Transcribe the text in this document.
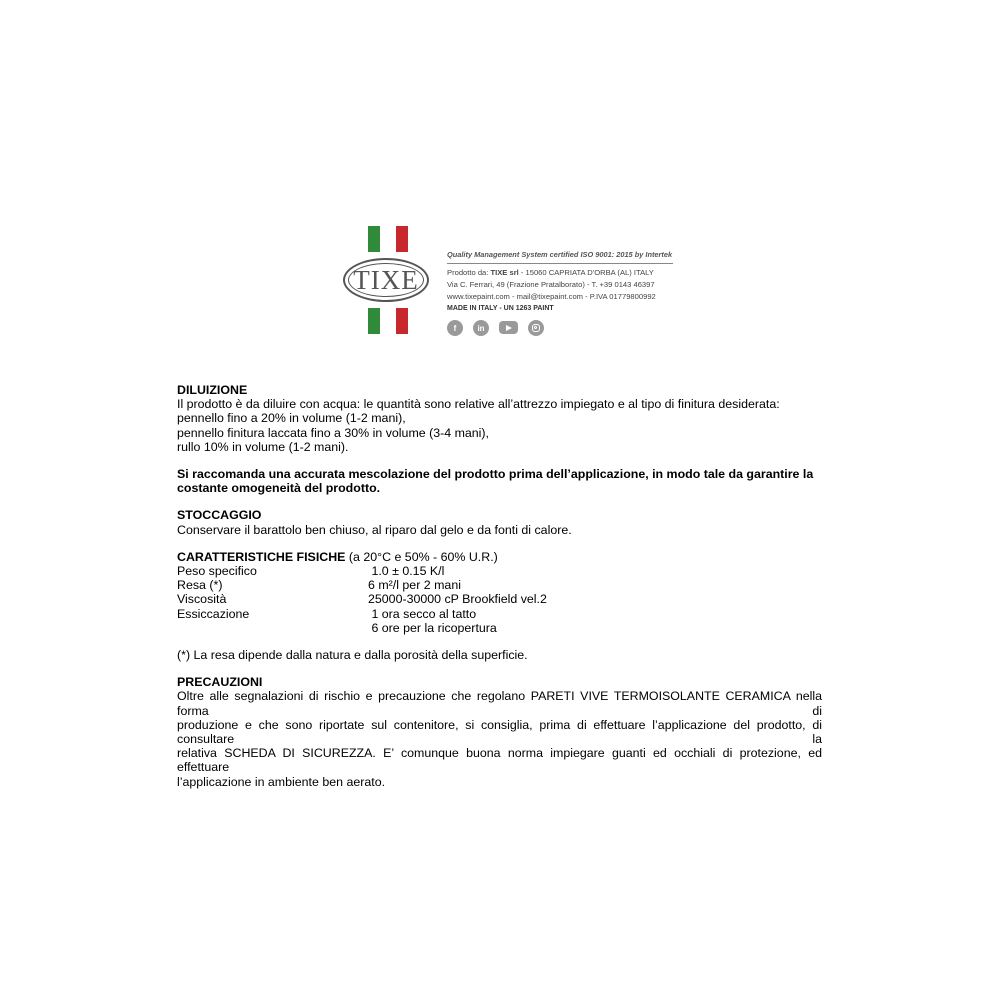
TIXE
Quality Management System certified ISO 9001: 2015 by Intertek
Prodotto da: TIXE srl - 15060 CAPRIATA D'ORBA (AL) ITALY
Via C. Ferrari, 49 (Frazione Pratalborato) - T. +39 0143 46397
www.tixepaint.com - mail@tixepaint.com - P.IVA 01779800992
MADE IN ITALY - UN 1263 PAINT
f	in

DILUIZIONE

Il prodotto è da diluire con acqua: le quantità sono relative all’attrezzo impiegato e al tipo di finitura desiderata:

pennello fino a 20% in volume (1-2 mani),

pennello finitura laccata fino a 30% in volume (3-4 mani),

rullo 10% in volume (1-2 mani).

Si raccomanda una accurata mescolazione del prodotto prima dell’applicazione, in modo tale da garantire la

costante omogeneità del prodotto.

STOCCAGGIO

Conservare il barattolo ben chiuso, al riparo dal gelo e da fonti di calore.

CARATTERISTICHE FISICHE (a 20°C e 50% - 60% U.R.)

Peso specifico	1.0 ± 0.15 K/l
Resa (*)	6 m²/l per 2 mani
Viscosità	25000-30000 cP Brookfield vel.2
Essiccazione	1 ora secco al tatto
6 ore per la ricopertura

(*) La resa dipende dalla natura e dalla porosità della superficie.

PRECAUZIONI

Oltre alle segnalazioni di rischio e precauzione che regolano PARETI VIVE TERMOISOLANTE CERAMICA nella forma di

produzione e che sono riportate sul contenitore, si consiglia, prima di effettuare l’applicazione del prodotto, di consultare la

relativa SCHEDA DI SICUREZZA. E’ comunque buona norma impiegare guanti ed occhiali di protezione, ed effettuare

l’applicazione in ambiente ben aerato.
